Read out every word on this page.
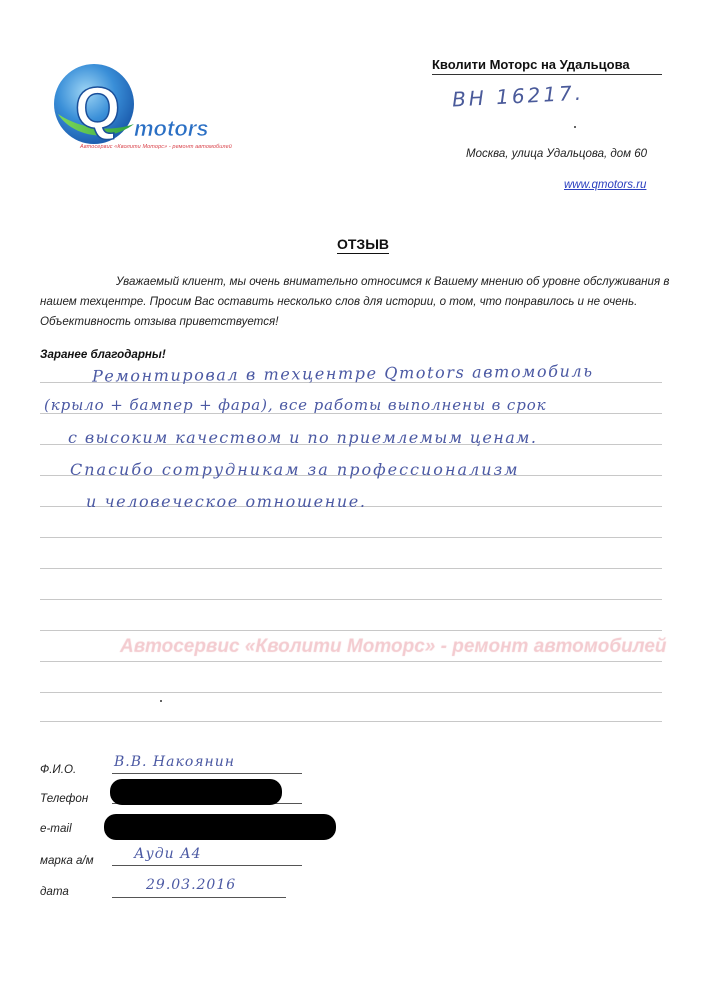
Q motors
Автосервис «Кволити Моторс» - ремонт автомобилей
Кволити Моторс на Удальцова
ВН 16217.
Москва, улица Удальцова, дом 60
www.qmotors.ru
ОТЗЫВ
Уважаемый клиент, мы очень внимательно относимся к Вашему мнению об уровне обслуживания в нашем техцентре. Просим Вас оставить несколько слов для истории, о том, что понравилось и не очень. Объективность отзыва приветствуется!
Заранее благодарны!
Автосервис «Кволити Моторс» - ремонт автомобилей
Ремонтировал в техцентре Qmotors автомобиль
(крыло + бампер + фара), все работы выполнены в срок
с высоким качеством и по приемлемым ценам.
Спасибо сотрудникам за профессионализм
и человеческое отношение.
Ф.И.О.	В.В. Накоянин
Телефон
e-mail
марка а/м	Ауди А4
дата	29.03.2016
